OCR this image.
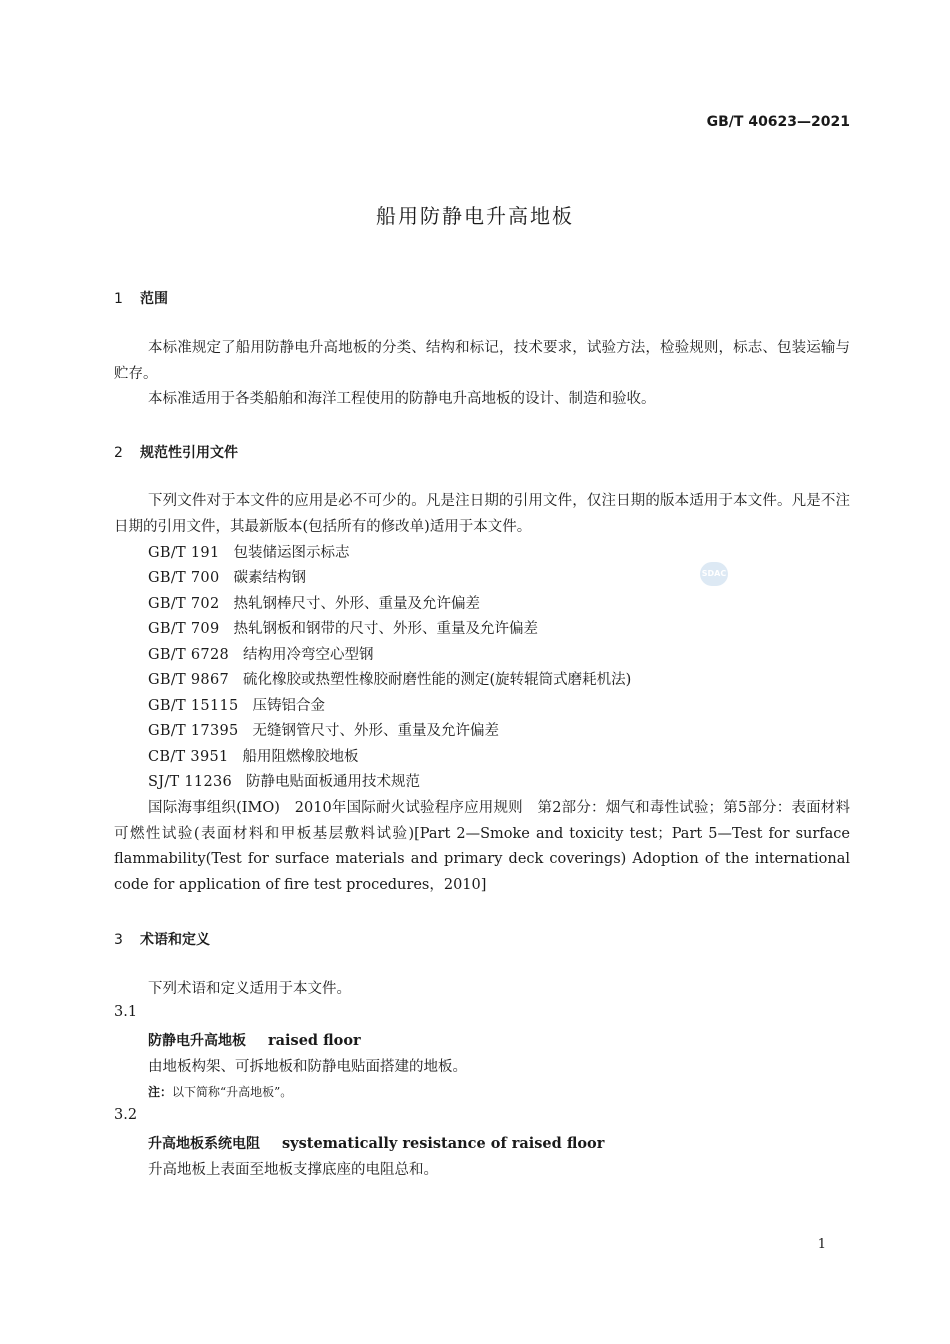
GB/T 40623—2021
船用防静电升高地板
1 范围
本标准规定了船用防静电升高地板的分类、结构和标记，技术要求，试验方法，检验规则，标志、包装运输与贮存。
本标准适用于各类船舶和海洋工程使用的防静电升高地板的设计、制造和验收。
2 规范性引用文件
下列文件对于本文件的应用是必不可少的。凡是注日期的引用文件，仅注日期的版本适用于本文件。凡是不注日期的引用文件，其最新版本(包括所有的修改单)适用于本文件。
GB/T 191 包装储运图示标志
GB/T 700 碳素结构钢
GB/T 702 热轧钢棒尺寸、外形、重量及允许偏差
GB/T 709 热轧钢板和钢带的尺寸、外形、重量及允许偏差
GB/T 6728 结构用冷弯空心型钢
GB/T 9867 硫化橡胶或热塑性橡胶耐磨性能的测定(旋转辊筒式磨耗机法)
GB/T 15115 压铸铝合金
GB/T 17395 无缝钢管尺寸、外形、重量及允许偏差
CB/T 3951 船用阻燃橡胶地板
SJ/T 11236 防静电贴面板通用技术规范
国际海事组织(IMO)　2010年国际耐火试验程序应用规则　第2部分：烟气和毒性试验；第5部分：表面材料可燃性试验(表面材料和甲板基层敷料试验)[Part 2—Smoke and toxicity test；Part 5—Test for surface flammability(Test for surface materials and primary deck coverings) Adoption of the international code for application of fire test procedures，2010]
SDAC
3 术语和定义
下列术语和定义适用于本文件。
3.1
防静电升高地板 raised floor
由地板构架、可拆地板和防静电贴面搭建的地板。
注：以下简称“升高地板”。
3.2
升高地板系统电阻 systematically resistance of raised floor
升高地板上表面至地板支撑底座的电阻总和。
1
